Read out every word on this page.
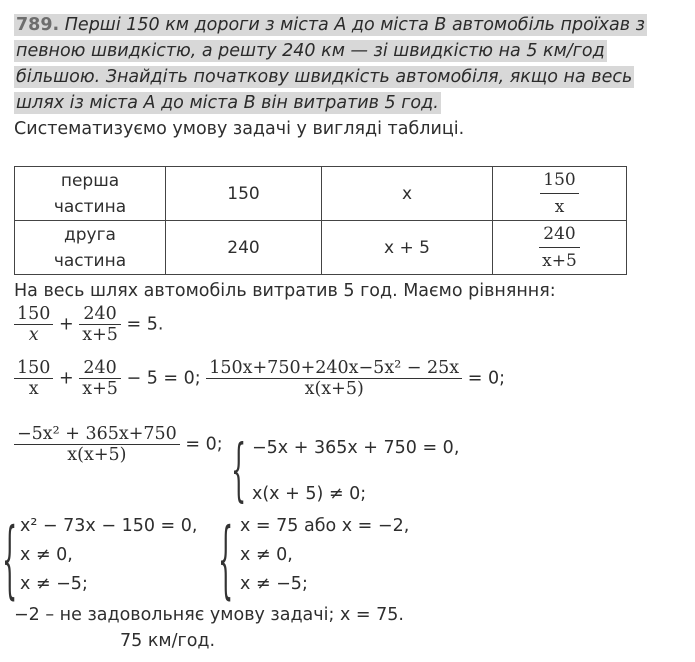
789. Перші 150 км дороги з міста A до міста B автомобіль проїхав з
певною швидкістю, а решту 240 км — зі швидкістю на 5 км/год
більшою. Знайдіть початкову швидкість автомобіля, якщо на весь
шлях із міста A до міста B він витратив 5 год.
Систематизуємо умову задачі у вигляді таблиці.
перша
частина	150	x	$\frac{150}{x}$

друга
частина	240	x + 5	$\frac{240}{x+5}$
На весь шлях автомобіль витратив 5 год. Маємо рівняння:
$\frac{150}{x} + \frac{240}{x+5} = 5$.
$\frac{150}{x} + \frac{240}{x+5} - 5 = 0$; $\frac{\text{150x+750+240x−5x² − 25x}}{x(x+5)} = 0$;
$\frac{\text{−5x² + 365x+750}}{x(x+5)} = 0$; { −5x + 365x + 750 = 0,
x(x + 5) ≠ 0;
{ x² − 73x − 150 = 0,
x ≠ 0,
x ≠ −5;	{ x = 75 або x = −2,
x ≠ 0,
x ≠ −5;
−2 – не задовольняє умову задачі; x = 75.
75 км/год.
